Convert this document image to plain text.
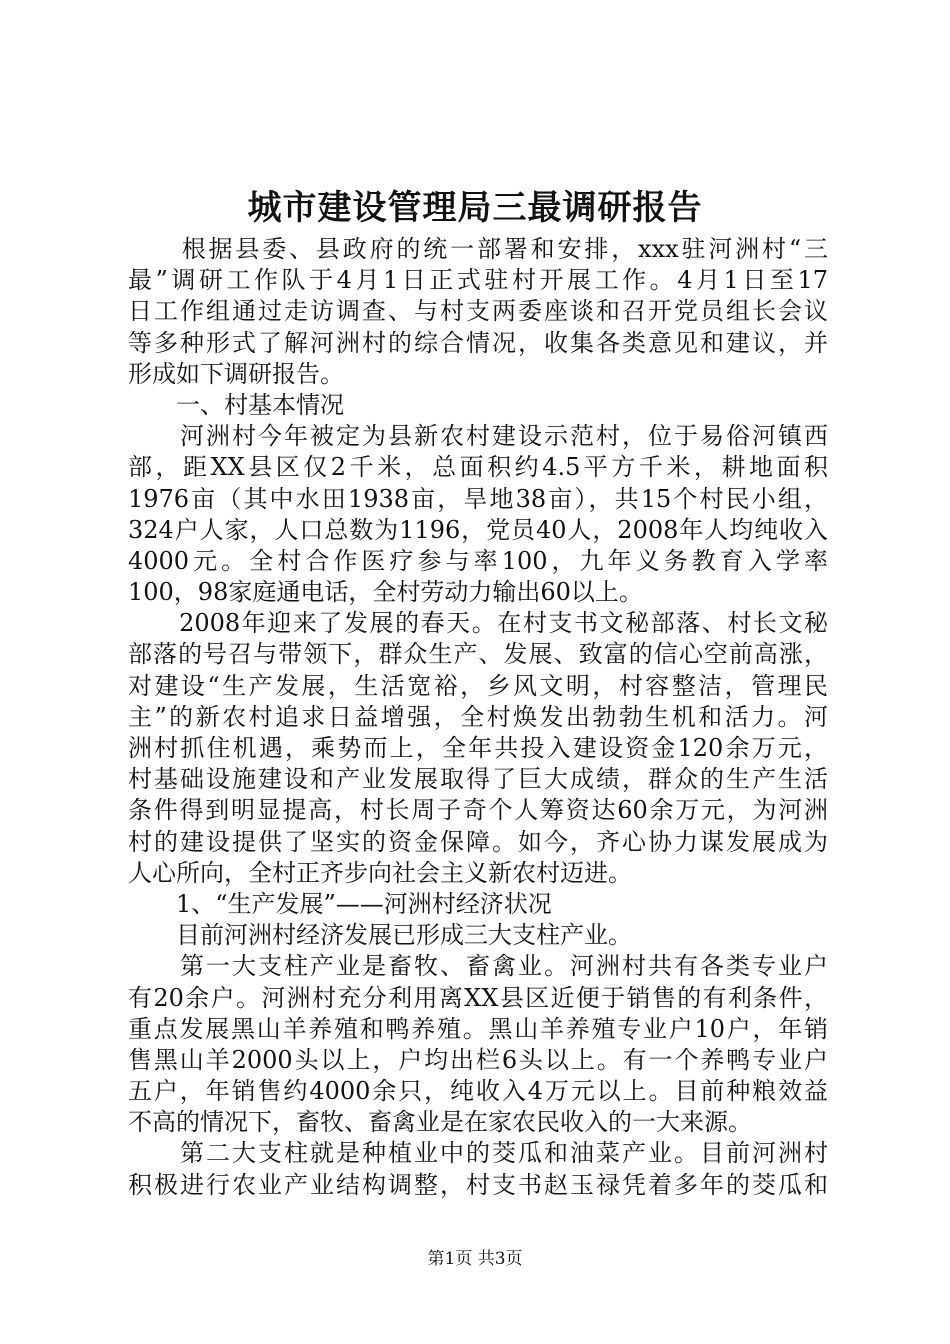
城市建设管理局三最调研报告
　　根据县委、县政府的统一部署和安排，xxx驻河洲村“三
最”调研工作队于4月1日正式驻村开展工作。4月1日至17
日工作组通过走访调查、与村支两委座谈和召开党员组长会议
等多种形式了解河洲村的综合情况，收集各类意见和建议，并
形成如下调研报告。
　　一、村基本情况
　　河洲村今年被定为县新农村建设示范村，位于易俗河镇西
部，距XX县区仅2千米，总面积约4.5平方千米，耕地面积
1976亩（其中水田1938亩，旱地38亩），共15个村民小组，
324户人家，人口总数为1196，党员40人，2008年人均纯收入
4000元。全村合作医疗参与率100，九年义务教育入学率
100，98家庭通电话，全村劳动力输出60以上。
　　2008年迎来了发展的春天。在村支书文秘部落、村长文秘
部落的号召与带领下，群众生产、发展、致富的信心空前高涨，
对建设“生产发展，生活宽裕，乡风文明，村容整洁，管理民
主”的新农村追求日益增强，全村焕发出勃勃生机和活力。河
洲村抓住机遇，乘势而上，全年共投入建设资金120余万元，
村基础设施建设和产业发展取得了巨大成绩，群众的生产生活
条件得到明显提高，村长周子奇个人筹资达60余万元，为河洲
村的建设提供了坚实的资金保障。如今，齐心协力谋发展成为
人心所向，全村正齐步向社会主义新农村迈进。
　　1、“生产发展”——河洲村经济状况
　　目前河洲村经济发展已形成三大支柱产业。
　　第一大支柱产业是畜牧、畜禽业。河洲村共有各类专业户
有20余户。河洲村充分利用离XX县区近便于销售的有利条件，
重点发展黑山羊养殖和鸭养殖。黑山羊养殖专业户10户，年销
售黑山羊2000头以上，户均出栏6头以上。有一个养鸭专业户
五户，年销售约4000余只，纯收入4万元以上。目前种粮效益
不高的情况下，畜牧、畜禽业是在家农民收入的一大来源。
　　第二大支柱就是种植业中的茭瓜和油菜产业。目前河洲村
积极进行农业产业结构调整，村支书赵玉禄凭着多年的茭瓜和
第1页 共3页
